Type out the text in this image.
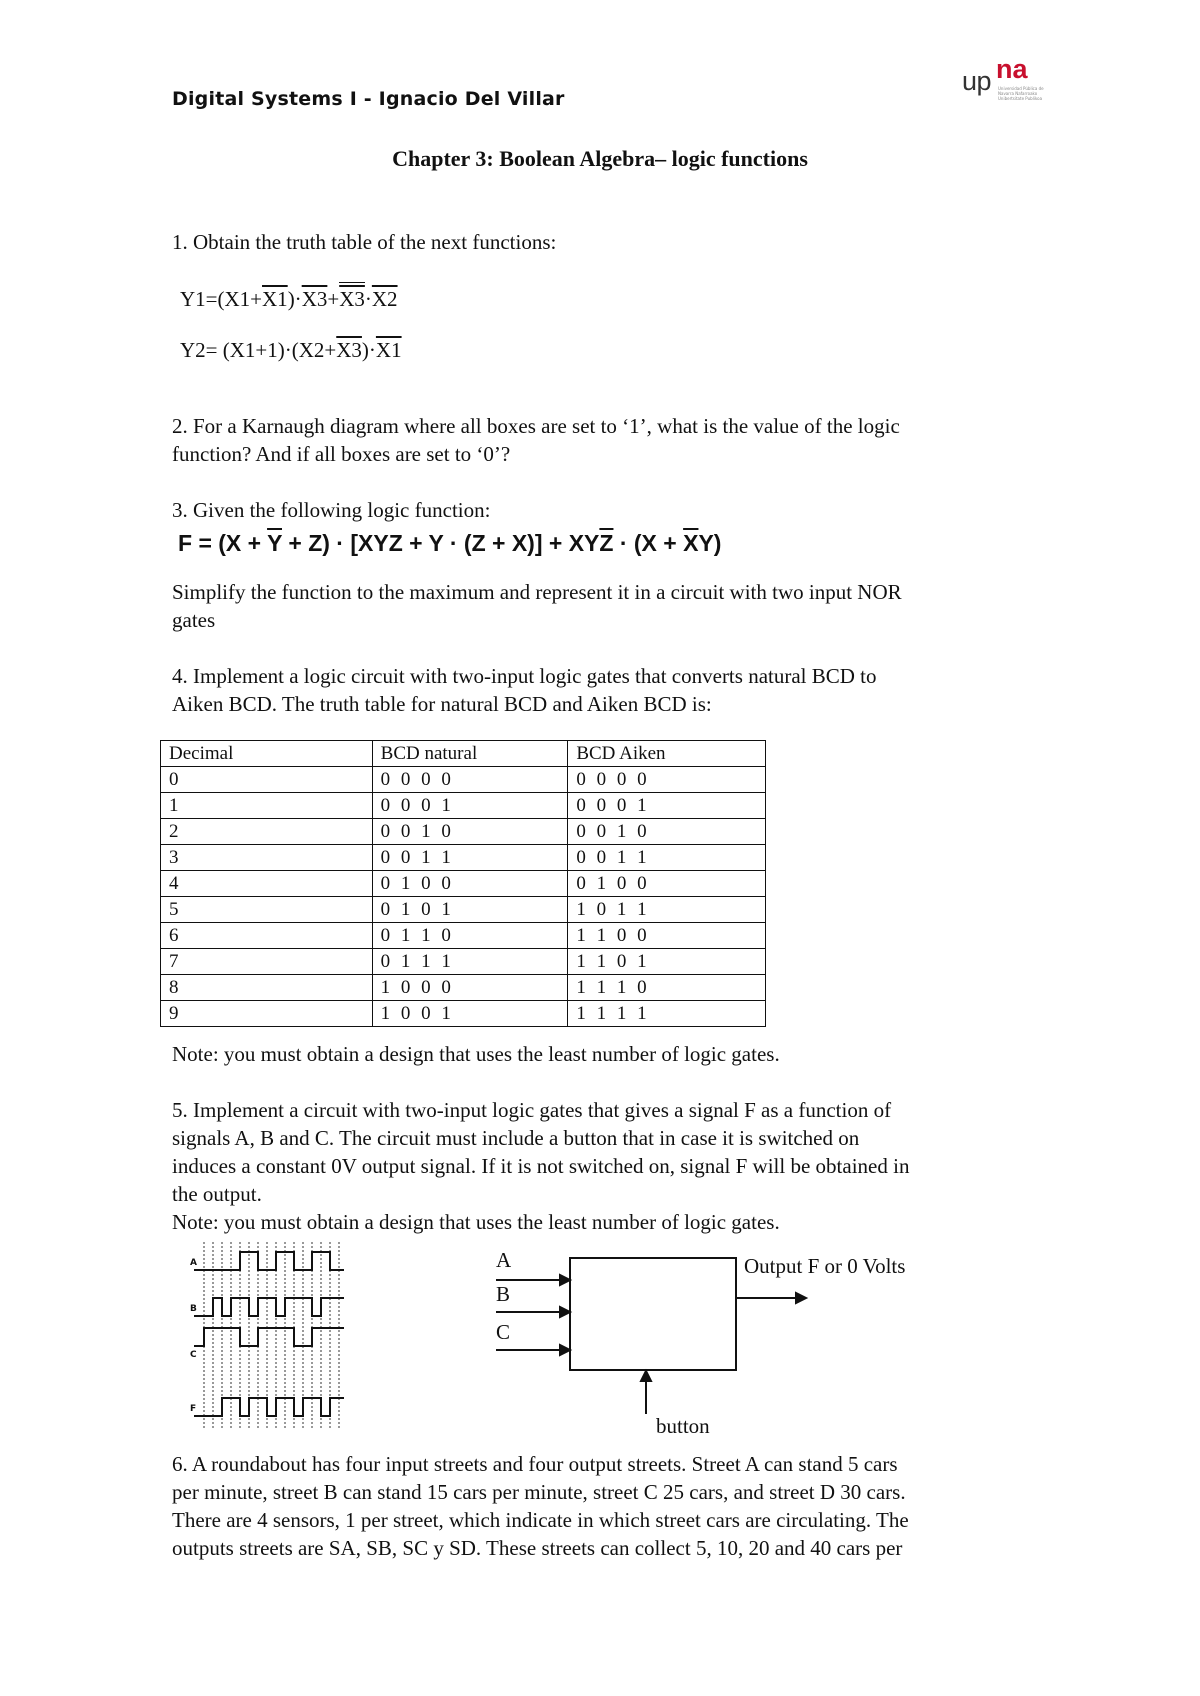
Digital Systems I - Ignacio Del Villar
up na
Universidad Pública de Navarra Nafarroako Unibertsitate Publikoa
Chapter 3: Boolean Algebra– logic functions
1. Obtain the truth table of the next functions:
Y1=(X1+X1)·X3+X3·X2
Y2= (X1+1)·(X2+X3)·X1
2. For a Karnaugh diagram where all boxes are set to ‘1’, what is the value of the logic
function? And if all boxes are set to ‘0’?
3. Given the following logic function:
$F = (X + \overline{Y} + Z) \cdot [XYZ + Y \cdot (Z + X)] + XY\overline{Z} \cdot (X + \overline{X}Y)$
Simplify the function to the maximum and represent it in a circuit with two input NOR
gates
4. Implement a logic circuit with two-input logic gates that converts natural BCD to
Aiken BCD. The truth table for natural BCD and Aiken BCD is:
Decimal	BCD natural	BCD Aiken
0	0 0 0 0	0 0 0 0
1	0 0 0 1	0 0 0 1
2	0 0 1 0	0 0 1 0
3	0 0 1 1	0 0 1 1
4	0 1 0 0	0 1 0 0
5	0 1 0 1	1 0 1 1
6	0 1 1 0	1 1 0 0
7	0 1 1 1	1 1 0 1
8	1 0 0 0	1 1 1 0
9	1 0 0 1	1 1 1 1
Note: you must obtain a design that uses the least number of logic gates.
5. Implement a circuit with two-input logic gates that gives a signal F as a function of
signals A, B and C. The circuit must include a button that in case it is switched on
induces a constant 0V output signal. If it is not switched on, signal F will be obtained in
the output.
Note: you must obtain a design that uses the least number of logic gates.
A
B
C
F
A
B
C
Output F or 0 Volts
button
6. A roundabout has four input streets and four output streets. Street A can stand 5 cars
per minute, street B can stand 15 cars per minute, street C 25 cars, and street D 30 cars.
There are 4 sensors, 1 per street, which indicate in which street cars are circulating. The
outputs streets are SA, SB, SC y SD. These streets can collect 5, 10, 20 and 40 cars per
